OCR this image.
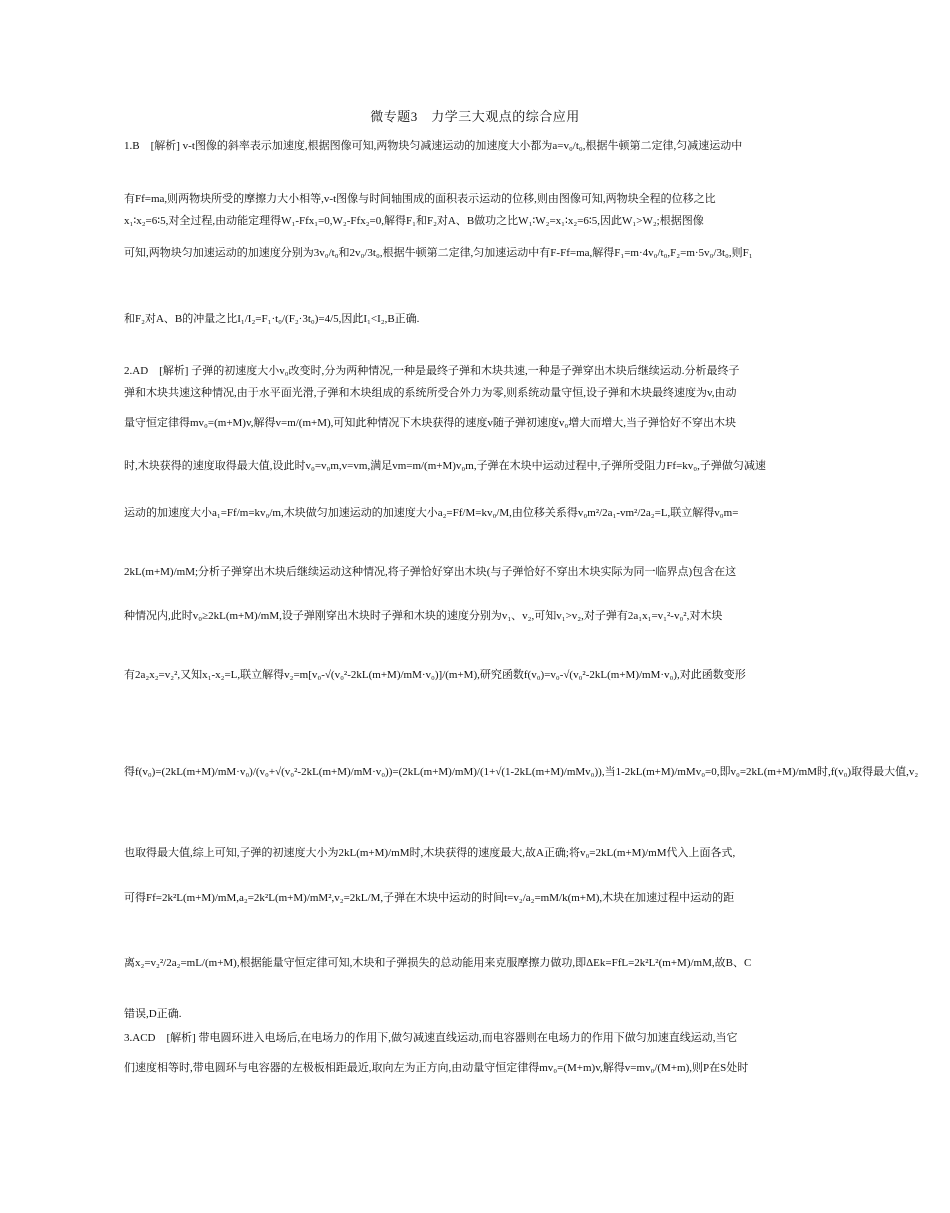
微专题3　力学三大观点的综合应用
1.B　[解析] v-t图像的斜率表示加速度,根据图像可知,两物块匀减速运动的加速度大小都为a=v₀/t₀,根据牛顿第二定律,匀减速运动中
有Ff=ma,则两物块所受的摩擦力大小相等,v-t图像与时间轴围成的面积表示运动的位移,则由图像可知,两物块全程的位移之比
x₁∶x₂=6∶5,对全过程,由动能定理得W₁-Ffx₁=0,W₂-Ffx₂=0,解得F₁和F₂对A、B做功之比W₁∶W₂=x₁∶x₂=6∶5,因此W₁>W₂;根据图像
可知,两物块匀加速运动的加速度分别为3v₀/t₀和2v₀/3t₀,根据牛顿第二定律,匀加速运动中有F-Ff=ma,解得F₁=m·4v₀/t₀,F₂=m·5v₀/3t₀,则F₁
和F₂对A、B的冲量之比I₁/I₂=F₁·t₀/(F₂·3t₀)=4/5,因此I₁<I₂,B正确.
2.AD　[解析] 子弹的初速度大小v₀改变时,分为两种情况,一种是最终子弹和木块共速,一种是子弹穿出木块后继续运动.分析最终子
弹和木块共速这种情况,由于水平面光滑,子弹和木块组成的系统所受合外力为零,则系统动量守恒,设子弹和木块最终速度为v,由动
量守恒定律得mv₀=(m+M)v,解得v=m/(m+M),可知此种情况下木块获得的速度v随子弹初速度v₀增大而增大,当子弹恰好不穿出木块
时,木块获得的速度取得最大值,设此时v₀=v₀m,v=vm,满足vm=m/(m+M)v₀m,子弹在木块中运动过程中,子弹所受阻力Ff=kv₀,子弹做匀减速
运动的加速度大小a₁=Ff/m=kv₀/m,木块做匀加速运动的加速度大小a₂=Ff/M=kv₀/M,由位移关系得v₀m²/2a₁-vm²/2a₂=L,联立解得v₀m=
2kL(m+M)/mM;分析子弹穿出木块后继续运动这种情况,将子弹恰好穿出木块(与子弹恰好不穿出木块实际为同一临界点)包含在这
种情况内,此时v₀≥2kL(m+M)/mM,设子弹刚穿出木块时子弹和木块的速度分别为v₁、v₂,可知v₁>v₂,对子弹有2a₁x₁=v₁²-v₀²,对木块
有2a₂x₂=v₂²,又知x₁-x₂=L,联立解得v₂=m[v₀-√(v₀²-2kL(m+M)/mM·v₀)]/(m+M),研究函数f(v₀)=v₀-√(v₀²-2kL(m+M)/mM·v₀),对此函数变形
得f(v₀)=(2kL(m+M)/mM·v₀)/(v₀+√(v₀²-2kL(m+M)/mM·v₀))=(2kL(m+M)/mM)/(1+√(1-2kL(m+M)/mMv₀)),当1-2kL(m+M)/mMv₀=0,即v₀=2kL(m+M)/mM时,f(v₀)取得最大值,v₂
也取得最大值,综上可知,子弹的初速度大小为2kL(m+M)/mM时,木块获得的速度最大,故A正确;将v₀=2kL(m+M)/mM代入上面各式,
可得Ff=2k²L(m+M)/mM,a₂=2k²L(m+M)/mM²,v₂=2kL/M,子弹在木块中运动的时间t=v₂/a₂=mM/k(m+M),木块在加速过程中运动的距
离x₂=v₂²/2a₂=mL/(m+M),根据能量守恒定律可知,木块和子弹损失的总动能用来克服摩擦力做功,即ΔEk=FfL=2k²L²(m+M)/mM,故B、C
错误,D正确.
3.ACD　[解析] 带电圆环进入电场后,在电场力的作用下,做匀减速直线运动,而电容器则在电场力的作用下做匀加速直线运动,当它
们速度相等时,带电圆环与电容器的左极板相距最近,取向左为正方向,由动量守恒定律得mv₀=(M+m)v,解得v=mv₀/(M+m),则P在S处时
